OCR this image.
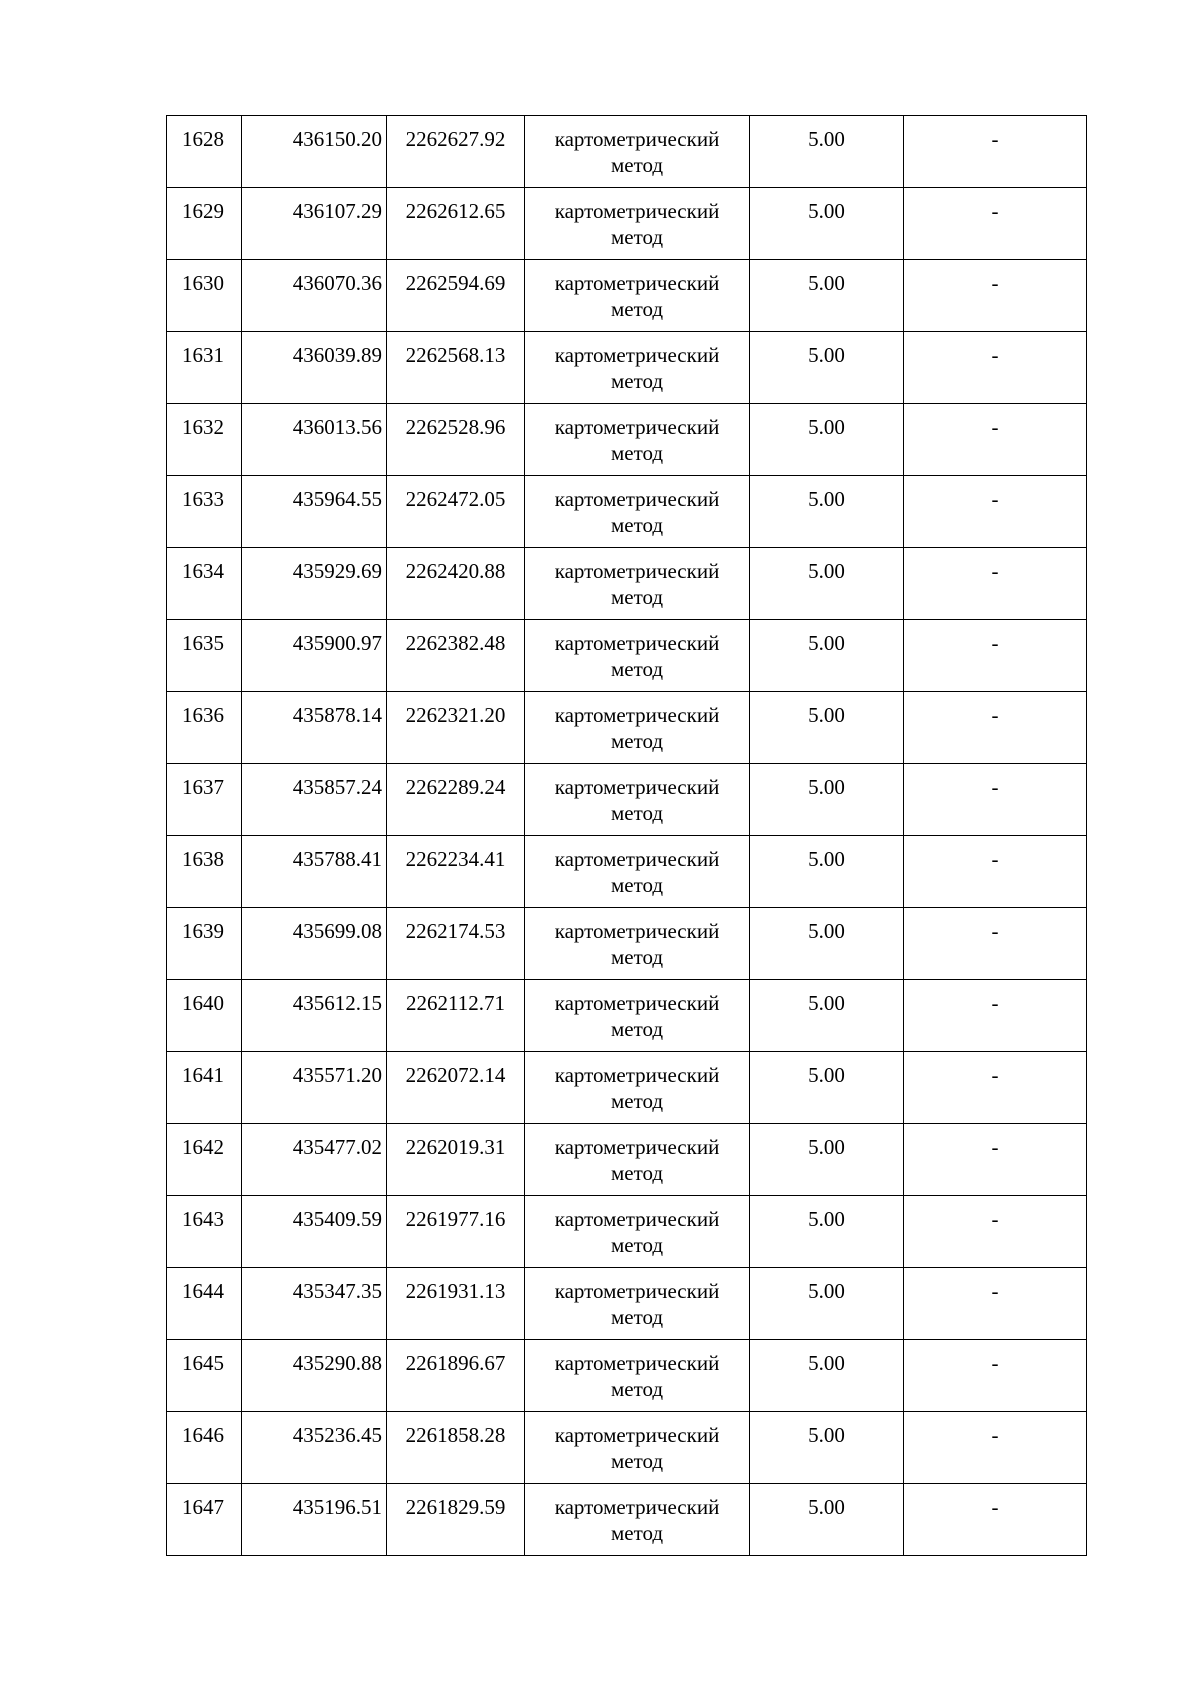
1628	436150.20	2262627.92	картометрический
метод	5.00	-

1629	436107.29	2262612.65	картометрический
метод	5.00	-

1630	436070.36	2262594.69	картометрический
метод	5.00	-

1631	436039.89	2262568.13	картометрический
метод	5.00	-

1632	436013.56	2262528.96	картометрический
метод	5.00	-

1633	435964.55	2262472.05	картометрический
метод	5.00	-

1634	435929.69	2262420.88	картометрический
метод	5.00	-

1635	435900.97	2262382.48	картометрический
метод	5.00	-

1636	435878.14	2262321.20	картометрический
метод	5.00	-

1637	435857.24	2262289.24	картометрический
метод	5.00	-

1638	435788.41	2262234.41	картометрический
метод	5.00	-

1639	435699.08	2262174.53	картометрический
метод	5.00	-

1640	435612.15	2262112.71	картометрический
метод	5.00	-

1641	435571.20	2262072.14	картометрический
метод	5.00	-

1642	435477.02	2262019.31	картометрический
метод	5.00	-

1643	435409.59	2261977.16	картометрический
метод	5.00	-

1644	435347.35	2261931.13	картометрический
метод	5.00	-

1645	435290.88	2261896.67	картометрический
метод	5.00	-

1646	435236.45	2261858.28	картометрический
метод	5.00	-

1647	435196.51	2261829.59	картометрический
метод	5.00	-
